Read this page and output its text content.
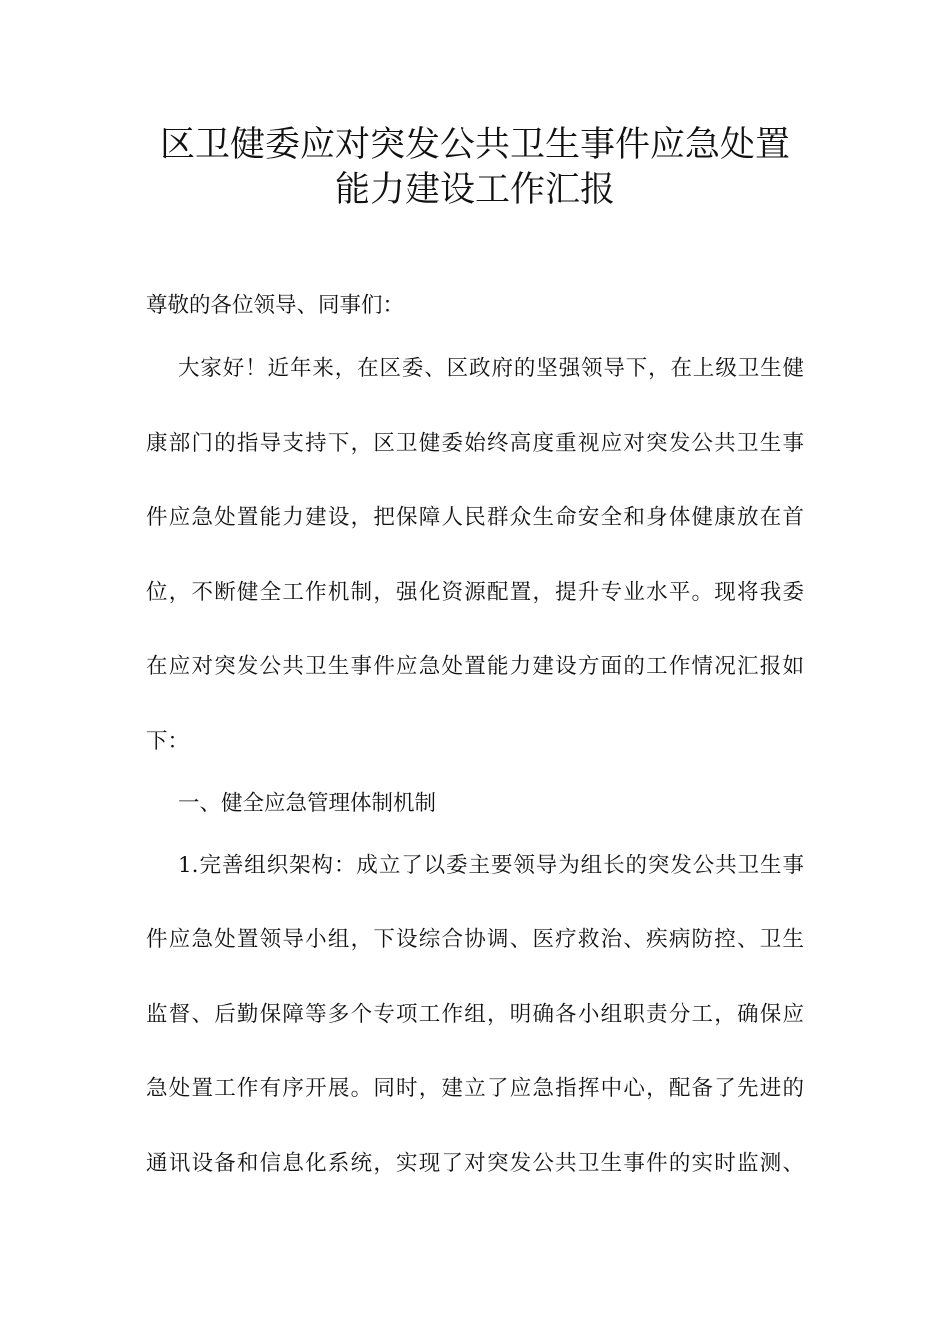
区卫健委应对突发公共卫生事件应急处置
能力建设工作汇报
尊敬的各位领导、同事们：
大家好！近年来，在区委、区政府的坚强领导下，在上级卫生健
康部门的指导支持下，区卫健委始终高度重视应对突发公共卫生事
件应急处置能力建设，把保障人民群众生命安全和身体健康放在首
位，不断健全工作机制，强化资源配置，提升专业水平。现将我委
在应对突发公共卫生事件应急处置能力建设方面的工作情况汇报如
下：
一、健全应急管理体制机制
1.完善组织架构：成立了以委主要领导为组长的突发公共卫生事
件应急处置领导小组，下设综合协调、医疗救治、疾病防控、卫生
监督、后勤保障等多个专项工作组，明确各小组职责分工，确保应
急处置工作有序开展。同时，建立了应急指挥中心，配备了先进的
通讯设备和信息化系统，实现了对突发公共卫生事件的实时监测、
